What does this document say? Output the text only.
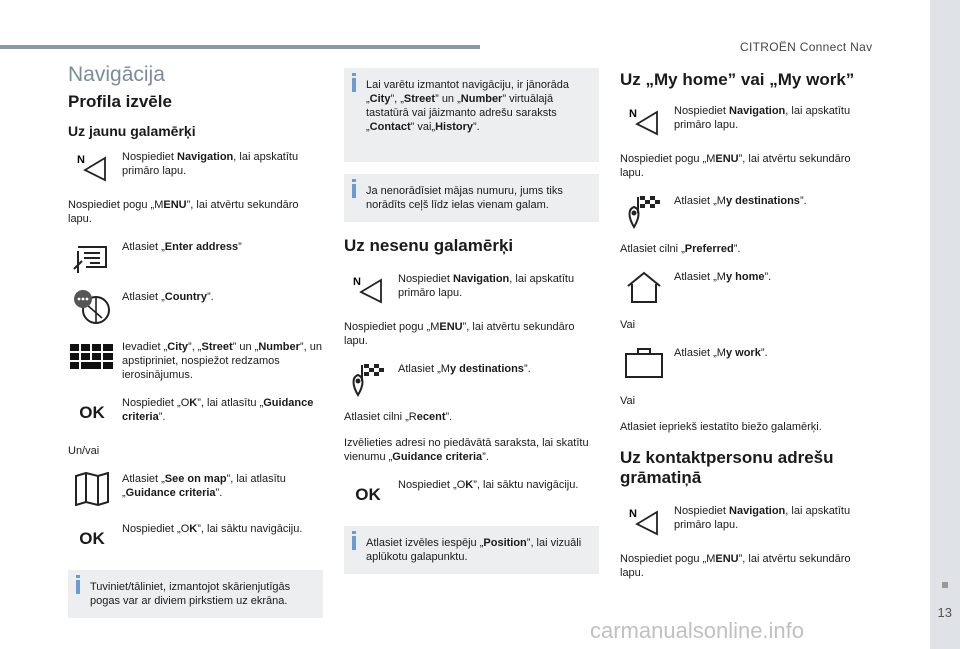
CITROËN Connect Nav
13
carmanualsonline.info
Navigācija
Profila izvēle
Uz jaunu galamērķi
N	Nospiediet Navigation, lai apskatītu primāro lapu.
Nospiediet pogu „MENU”, lai atvērtu sekundāro lapu.
Atlasiet „Enter address”
Atlasiet „Country”.
Ievadiet „City”, „Street” un „Number”, un apstipriniet, nospiežot redzamos ierosinājumus.
OK	Nospiediet „OK”, lai atlasītu „Guidance criteria”.
Un/vai
Atlasiet „See on map”, lai atlasītu „Guidance criteria”.
OK	Nospiediet „OK”, lai sāktu navigāciju.
Tuviniet/tāliniet, izmantojot skārienjutīgās pogas var ar diviem pirkstiem uz ekrāna.
Lai varētu izmantot navigāciju, ir jānorāda „City”, „Street” un „Number” virtuālajā tastatūrā vai jāizmanto adrešu saraksts „Contact” vai„History”.
Ja nenorādīsiet mājas numuru, jums tiks norādīts ceļš līdz ielas vienam galam.
Uz nesenu galamērķi
N	Nospiediet Navigation, lai apskatītu primāro lapu.
Nospiediet pogu „MENU”, lai atvērtu sekundāro lapu.
Atlasiet „My destinations”.
Atlasiet cilni „Recent”.
Izvēlieties adresi no piedāvātā saraksta, lai skatītu vienumu „Guidance criteria”.
OK	Nospiediet „OK”, lai sāktu navigāciju.
Atlasiet izvēles iespēju „Position”, lai vizuāli aplūkotu galapunktu.
Uz „My home” vai „My work”
N	Nospiediet Navigation, lai apskatītu primāro lapu.
Nospiediet pogu „MENU”, lai atvērtu sekundāro lapu.
Atlasiet „My destinations”.
Atlasiet cilni „Preferred”.
Atlasiet „My home”.
Vai
Atlasiet „My work”.
Vai
Atlasiet iepriekš iestatīto biežo galamērķi.
Uz kontaktpersonu adrešu grāmatiņā
N	Nospiediet Navigation, lai apskatītu primāro lapu.
Nospiediet pogu „MENU”, lai atvērtu sekundāro lapu.
